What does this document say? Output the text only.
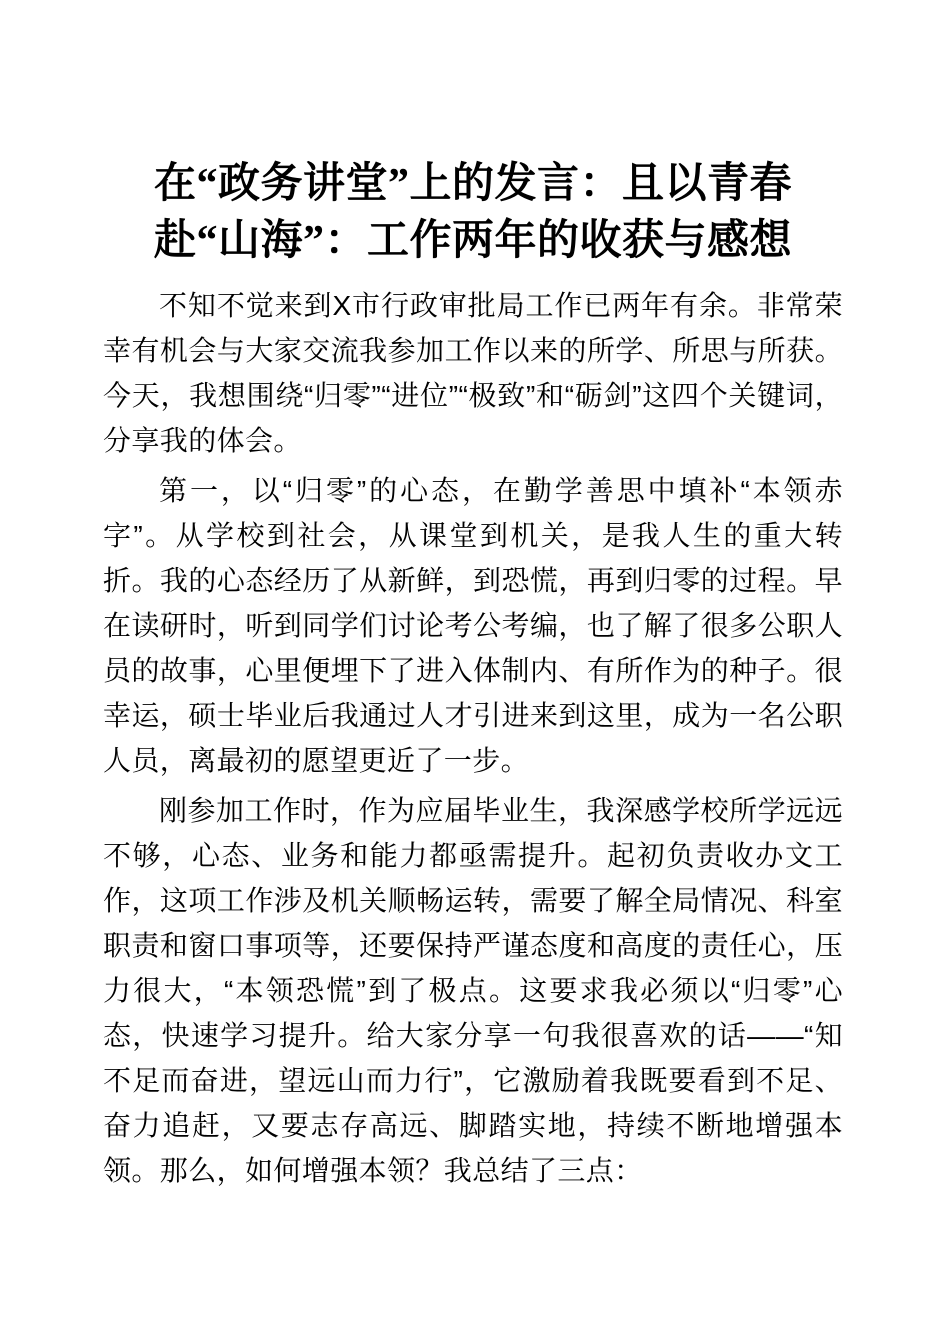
在“政务讲堂”上的发言：且以青春
赴“山海”：工作两年的收获与感想

不知不觉来到X市行政审批局工作已两年有余。非常荣幸有机会与大家交流我参加工作以来的所学、所思与所获。今天，我想围绕“归零”“进位”“极致”和“砺剑”这四个关键词，分享我的体会。

第一，以“归零”的心态，在勤学善思中填补“本领赤字”。从学校到社会，从课堂到机关，是我人生的重大转折。我的心态经历了从新鲜，到恐慌，再到归零的过程。早在读研时，听到同学们讨论考公考编，也了解了很多公职人员的故事，心里便埋下了进入体制内、有所作为的种子。很幸运，硕士毕业后我通过人才引进来到这里，成为一名公职人员，离最初的愿望更近了一步。

刚参加工作时，作为应届毕业生，我深感学校所学远远不够，心态、业务和能力都亟需提升。起初负责收办文工作，这项工作涉及机关顺畅运转，需要了解全局情况、科室职责和窗口事项等，还要保持严谨态度和高度的责任心，压力很大，“本领恐慌”到了极点。这要求我必须以“归零”心态，快速学习提升。给大家分享一句我很喜欢的话——“知不足而奋进，望远山而力行”，它激励着我既要看到不足、奋力追赶，又要志存高远、脚踏实地，持续不断地增强本领。那么，如何增强本领？我总结了三点：
